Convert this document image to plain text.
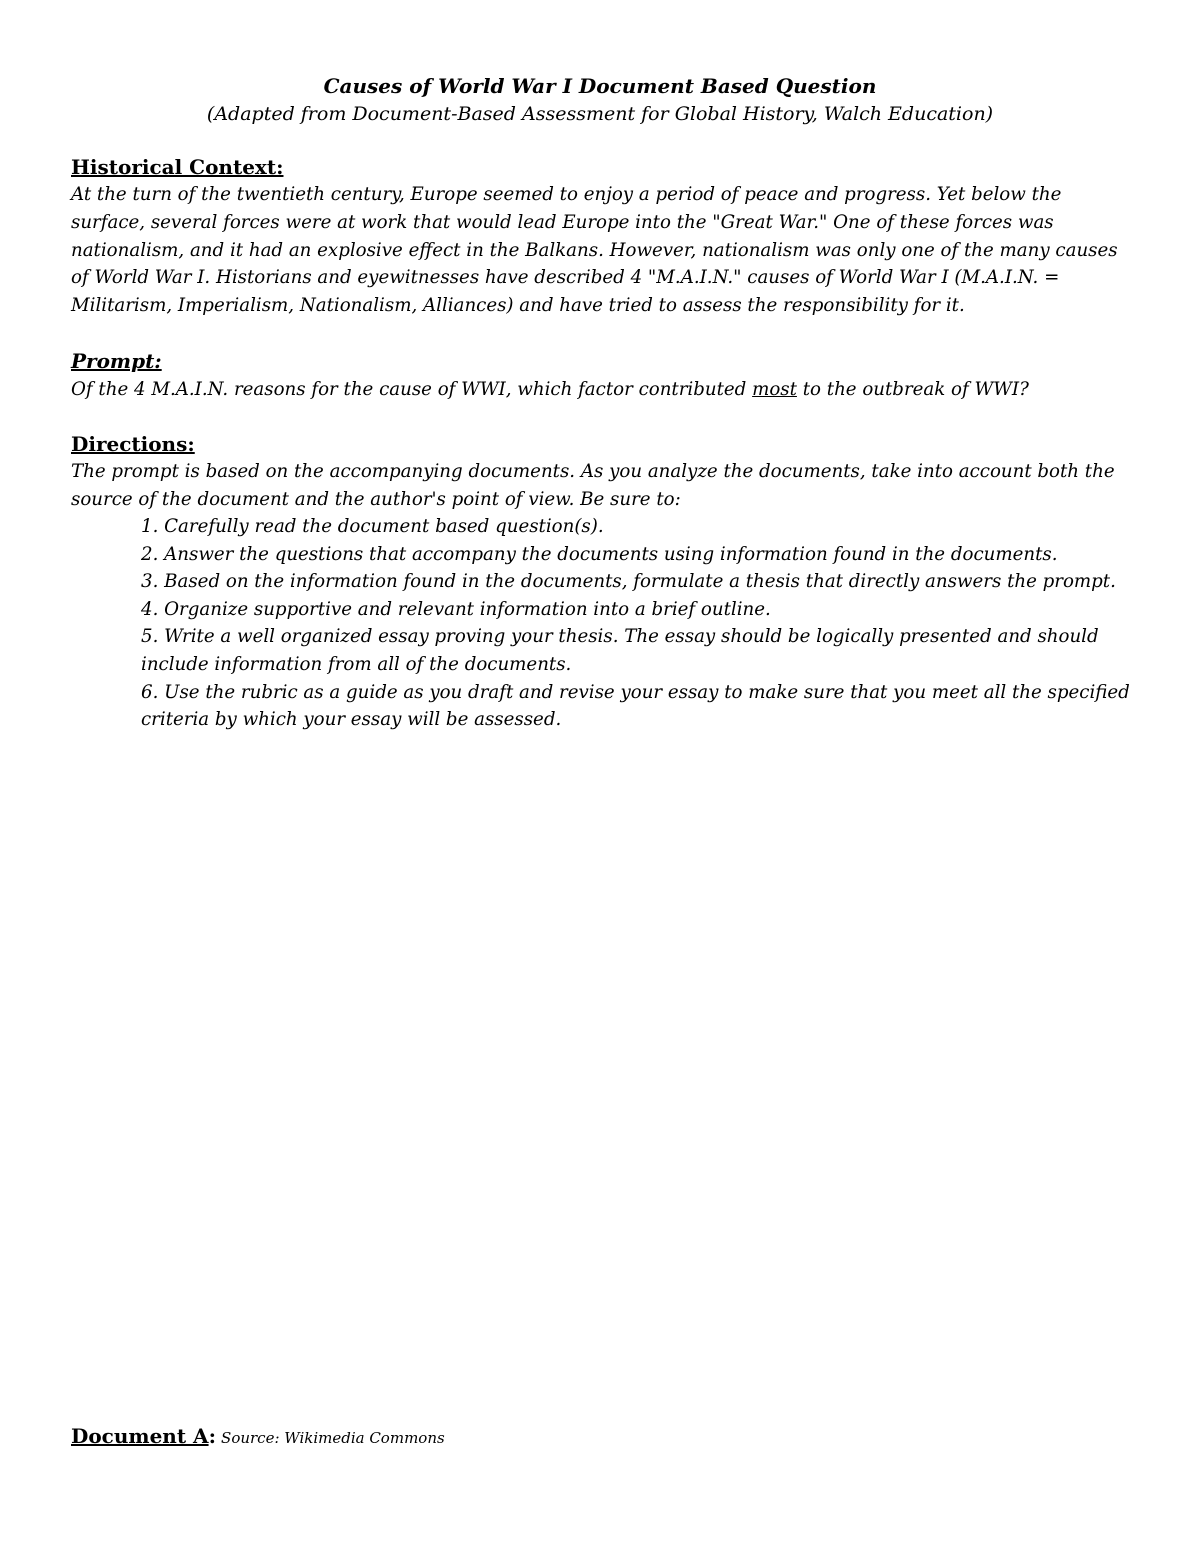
Causes of World War I Document Based Question

(Adapted from Document-Based Assessment for Global History, Walch Education)

Historical Context:

At the turn of the twentieth century, Europe seemed to enjoy a period of peace and progress. Yet below the surface, several forces were at work that would lead Europe into the "Great War." One of these forces was nationalism, and it had an explosive effect in the Balkans. However, nationalism was only one of the many causes of World War I. Historians and eyewitnesses have described 4 "M.A.I.N." causes of World War I (M.A.I.N. = Militarism, Imperialism, Nationalism, Alliances) and have tried to assess the responsibility for it.

Prompt:

Of the 4 M.A.I.N. reasons for the cause of WWI, which factor contributed most to the outbreak of WWI?

Directions:

The prompt is based on the accompanying documents. As you analyze the documents, take into account both the source of the document and the author's point of view. Be sure to:

1. Carefully read the document based question(s).
2. Answer the questions that accompany the documents using information found in the documents.
3. Based on the information found in the documents, formulate a thesis that directly answers the prompt.
4. Organize supportive and relevant information into a brief outline.
5. Write a well organized essay proving your thesis. The essay should be logically presented and should include information from all of the documents.
6. Use the rubric as a guide as you draft and revise your essay to make sure that you meet all the specified criteria by which your essay will be assessed.

Document A: Source: Wikimedia Commons
